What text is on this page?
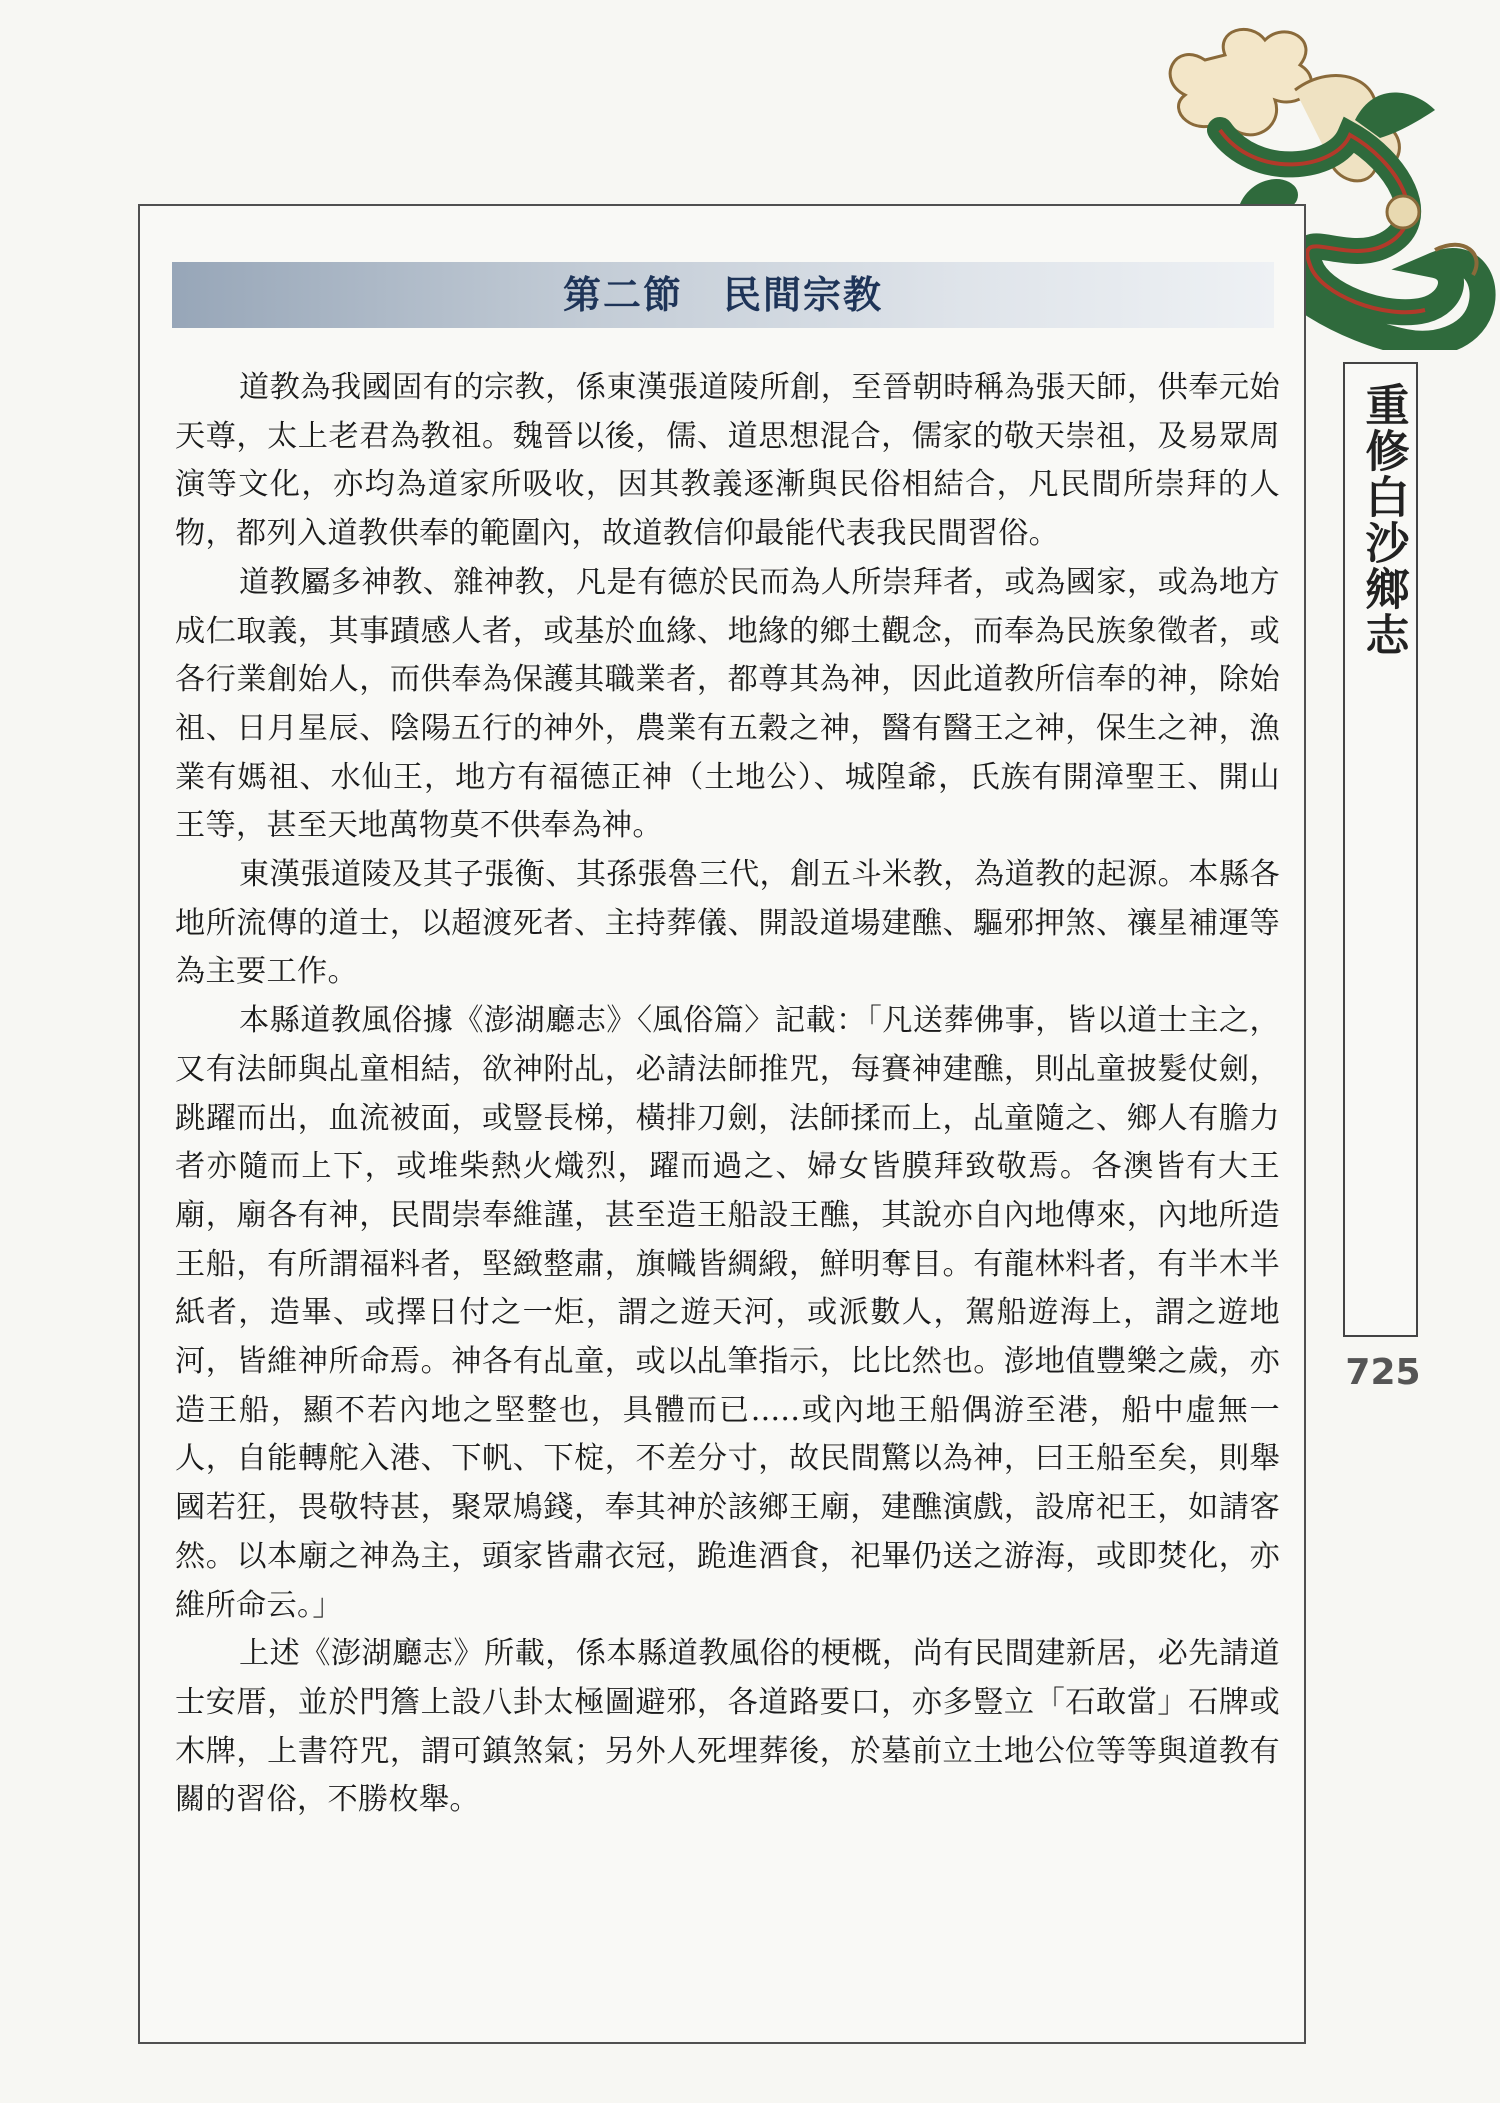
第二節　民間宗教
重修白沙鄉志
725

道教為我國固有的宗教，係東漢張道陵所創，至晉朝時稱為張天師，供奉元始天尊，太上老君為教祖。魏晉以後，儒、道思想混合，儒家的敬天崇祖，及易眾周演等文化，亦均為道家所吸收，因其教義逐漸與民俗相結合，凡民間所崇拜的人物，都列入道教供奉的範圍內，故道教信仰最能代表我民間習俗。

道教屬多神教、雜神教，凡是有德於民而為人所崇拜者，或為國家，或為地方成仁取義，其事蹟感人者，或基於血緣、地緣的鄉土觀念，而奉為民族象徵者，或各行業創始人，而供奉為保護其職業者，都尊其為神，因此道教所信奉的神，除始祖、日月星辰、陰陽五行的神外，農業有五穀之神，醫有醫王之神，保生之神，漁業有媽祖、水仙王，地方有福德正神（土地公）、城隍爺，氏族有開漳聖王、開山王等，甚至天地萬物莫不供奉為神。

東漢張道陵及其子張衡、其孫張魯三代，創五斗米教，為道教的起源。本縣各地所流傳的道士，以超渡死者、主持葬儀、開設道場建醮、驅邪押煞、禳星補運等為主要工作。

本縣道教風俗據《澎湖廳志》〈風俗篇〉記載：「凡送葬佛事，皆以道士主之，又有法師與乩童相結，欲神附乩，必請法師推咒，每賽神建醮，則乩童披髮仗劍，跳躍而出，血流被面，或豎長梯，橫排刀劍，法師揉而上，乩童隨之、鄉人有膽力者亦隨而上下，或堆柴熱火熾烈，躍而過之、婦女皆膜拜致敬焉。各澳皆有大王廟，廟各有神，民間崇奉維謹，甚至造王船設王醮，其說亦自內地傳來，內地所造王船，有所謂福料者，堅緻整肅，旗幟皆綢緞，鮮明奪目。有龍林料者，有半木半紙者，造畢、或擇日付之一炬，謂之遊天河，或派數人，駕船遊海上，謂之遊地河，皆維神所命焉。神各有乩童，或以乩筆指示，比比然也。澎地值豐樂之歲，亦造王船，顯不若內地之堅整也，具體而已.....或內地王船偶游至港，船中虛無一人，自能轉舵入港、下帆、下椗，不差分寸，故民間驚以為神，曰王船至矣，則舉國若狂，畏敬特甚，聚眾鳩錢，奉其神於該鄉王廟，建醮演戲，設席祀王，如請客然。以本廟之神為主，頭家皆肅衣冠，跪進酒食，祀畢仍送之游海，或即焚化，亦維所命云。」

上述《澎湖廳志》所載，係本縣道教風俗的梗概，尚有民間建新居，必先請道士安厝，並於門簷上設八卦太極圖避邪，各道路要口，亦多豎立「石敢當」石牌或木牌，上書符咒，謂可鎮煞氣；另外人死埋葬後，於墓前立土地公位等等與道教有關的習俗，不勝枚舉。
